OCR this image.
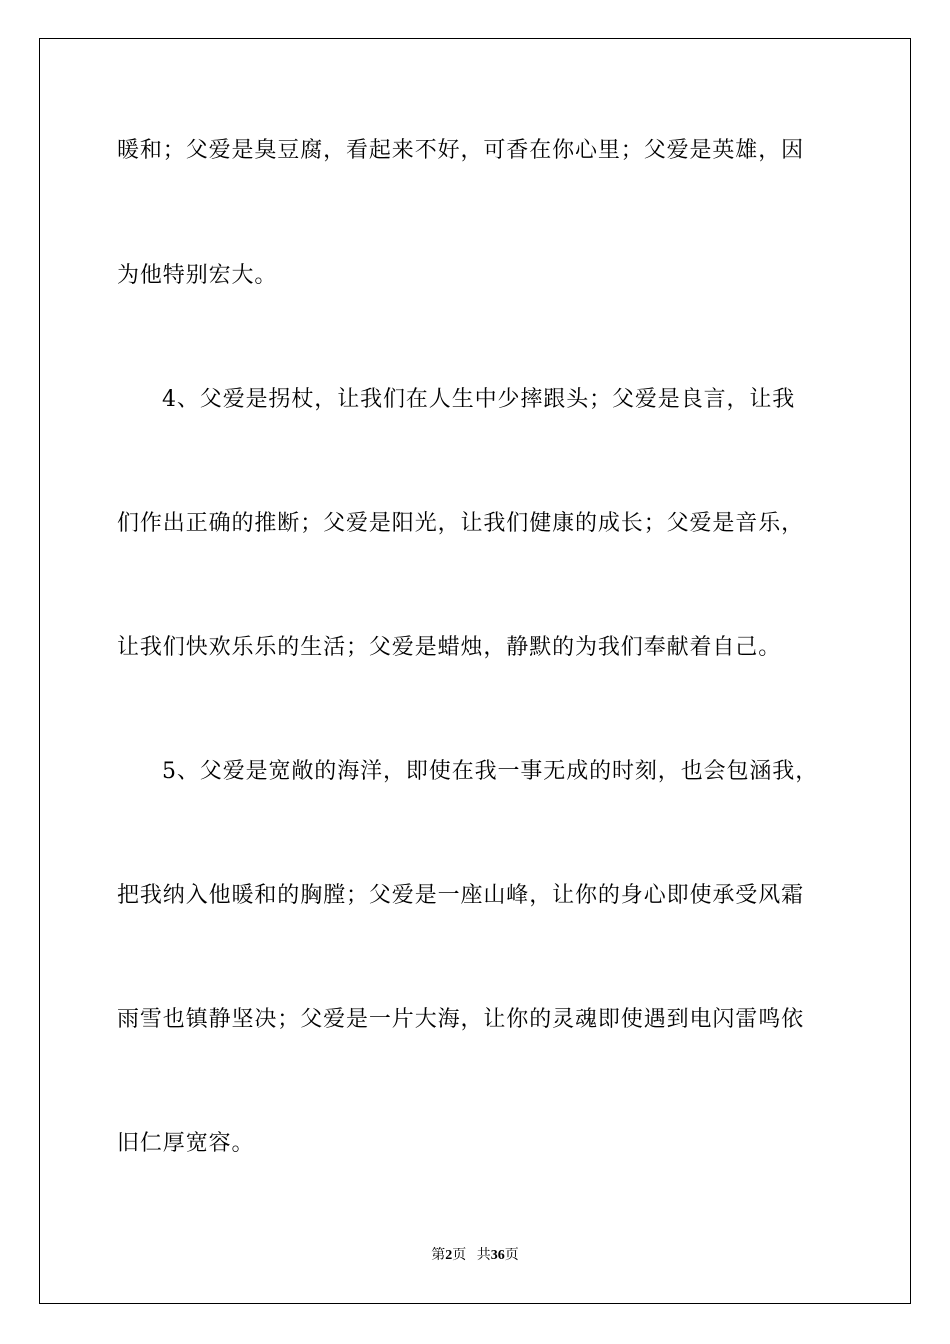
暖和；父爱是臭豆腐，看起来不好，可香在你心里；父爱是英雄，因
为他特别宏大。
4、父爱是拐杖，让我们在人生中少摔跟头；父爱是良言，让我
们作出正确的推断；父爱是阳光，让我们健康的成长；父爱是音乐，
让我们快欢乐乐的生活；父爱是蜡烛，静默的为我们奉献着自己。
5、父爱是宽敞的海洋，即使在我一事无成的时刻，也会包涵我，
把我纳入他暖和的胸膛；父爱是一座山峰，让你的身心即使承受风霜
雨雪也镇静坚决；父爱是一片大海，让你的灵魂即使遇到电闪雷鸣依
旧仁厚宽容。
第2页 共36页
